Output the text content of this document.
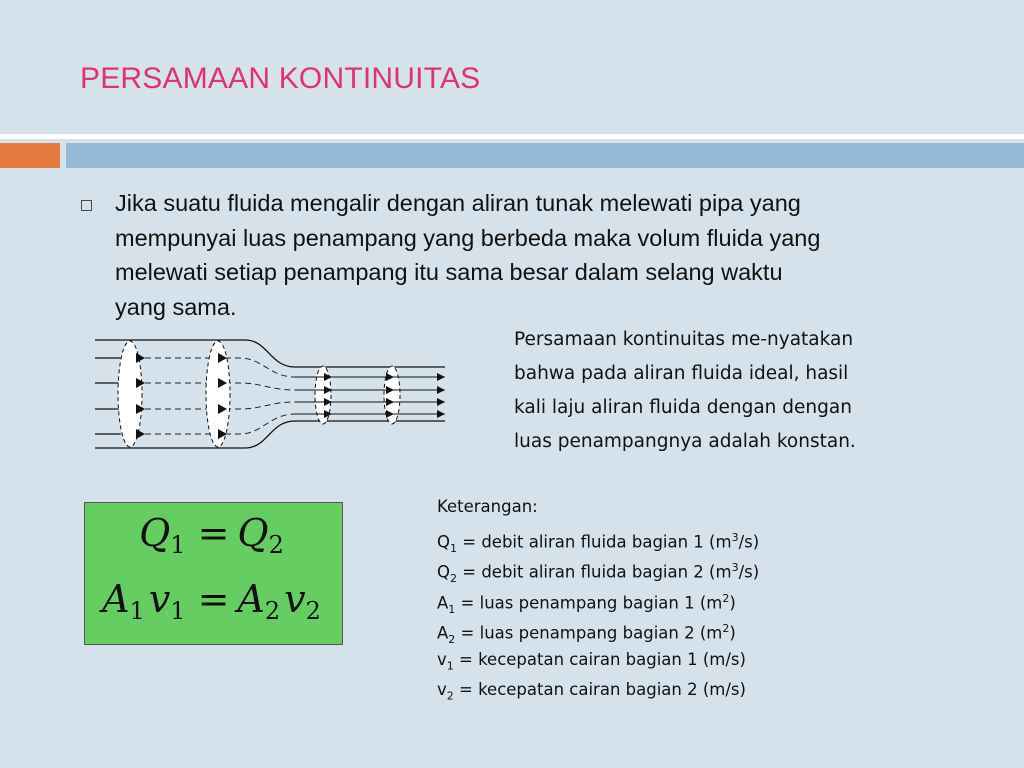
PERSAMAAN KONTINUITAS
Jika suatu fluida mengalir dengan aliran tunak melewati pipa yang
mempunyai luas penampang yang berbeda maka volum fluida yang
melewati setiap penampang itu sama besar dalam selang waktu
yang sama.
Persamaan kontinuitas me-nyatakan
bahwa pada aliran fluida ideal, hasil
kali laju aliran fluida dengan dengan
luas penampangnya adalah konstan.
Q1 = Q2
A1 v1 = A2 v2
Keterangan:
$Q_1$ = debit aliran fluida bagian 1 $(m^3/s)$
$Q_2$ = debit aliran fluida bagian 2 $(m^3/s)$
$A_1$ = luas penampang bagian 1 $(m^2)$
$A_2$ = luas penampang bagian 2 $(m^2)$
$v_1$ = kecepatan cairan bagian 1 (m/s)
$v_2$ = kecepatan cairan bagian 2 (m/s)
